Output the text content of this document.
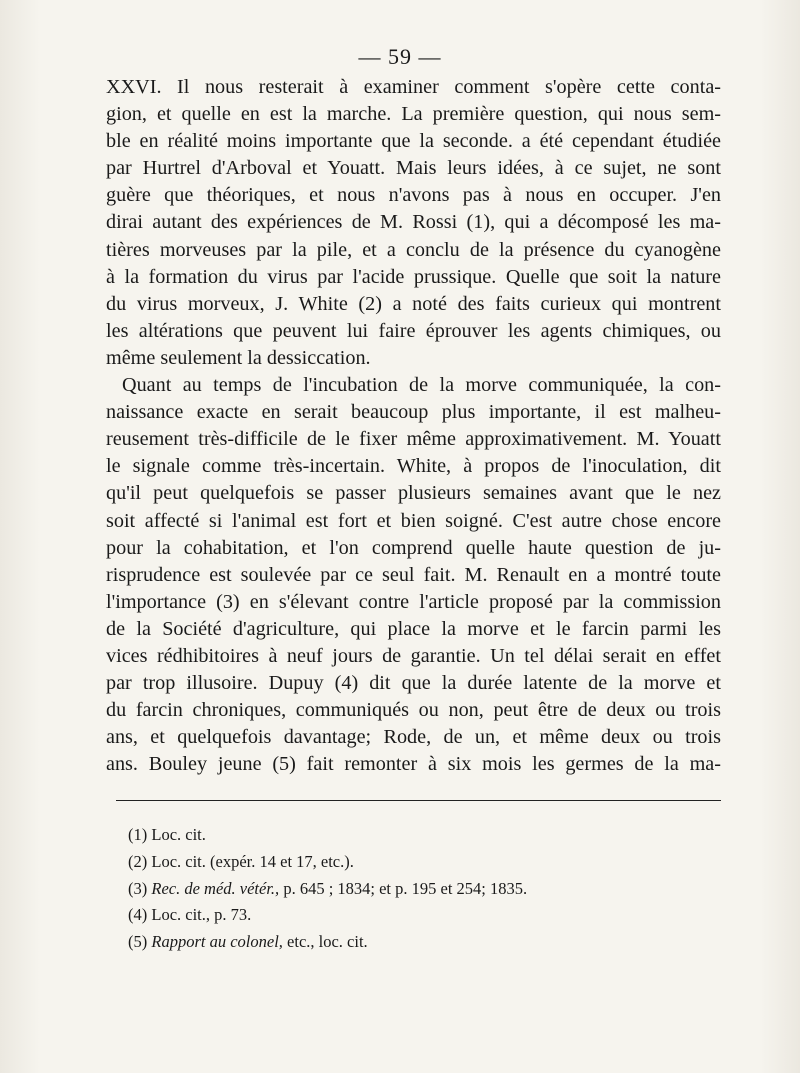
— 59 —
XXVI. Il nous resterait à examiner comment s'opère cette conta-
gion, et quelle en est la marche. La première question, qui nous sem-
ble en réalité moins importante que la seconde. a été cependant étudiée
par Hurtrel d'Arboval et Youatt. Mais leurs idées, à ce sujet, ne sont
guère que théoriques, et nous n'avons pas à nous en occuper. J'en
dirai autant des expériences de M. Rossi (1), qui a décomposé les ma-
tières morveuses par la pile, et a conclu de la présence du cyanogène
à la formation du virus par l'acide prussique. Quelle que soit la nature
du virus morveux, J. White (2) a noté des faits curieux qui montrent
les altérations que peuvent lui faire éprouver les agents chimiques, ou
même seulement la dessiccation.
Quant au temps de l'incubation de la morve communiquée, la con-
naissance exacte en serait beaucoup plus importante, il est malheu-
reusement très-difficile de le fixer même approximativement. M. Youatt
le signale comme très-incertain. White, à propos de l'inoculation, dit
qu'il peut quelquefois se passer plusieurs semaines avant que le nez
soit affecté si l'animal est fort et bien soigné. C'est autre chose encore
pour la cohabitation, et l'on comprend quelle haute question de ju-
risprudence est soulevée par ce seul fait. M. Renault en a montré toute
l'importance (3) en s'élevant contre l'article proposé par la commission
de la Société d'agriculture, qui place la morve et le farcin parmi les
vices rédhibitoires à neuf jours de garantie. Un tel délai serait en effet
par trop illusoire. Dupuy (4) dit que la durée latente de la morve et
du farcin chroniques, communiqués ou non, peut être de deux ou trois
ans, et quelquefois davantage; Rode, de un, et même deux ou trois
ans. Bouley jeune (5) fait remonter à six mois les germes de la ma-
(1) Loc. cit.
(2) Loc. cit. (expér. 14 et 17, etc.).
(3) Rec. de méd. vétér., p. 645 ; 1834; et p. 195 et 254; 1835.
(4) Loc. cit., p. 73.
(5) Rapport au colonel, etc., loc. cit.
